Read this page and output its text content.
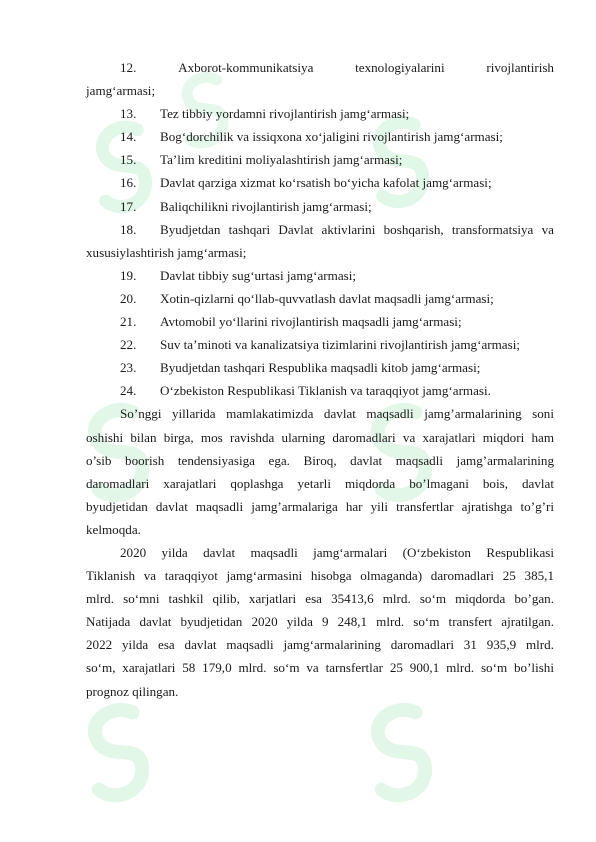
12.	Axborot-kommunikatsiya	texnologiyalarini	rivojlantirish
jamg‘armasi;
13.	Tez tibbiy yordamni rivojlantirish jamg‘armasi;
14.	Bog‘dorchilik va issiqxona xo‘jaligini rivojlantirish jamg‘armasi;
15.	Ta’lim kreditini moliyalashtirish jamg‘armasi;
16.	Davlat qarziga xizmat ko‘rsatish bo‘yicha kafolat jamg‘armasi;
17.	Baliqchilikni rivojlantirish jamg‘armasi;
18.	Byudjetdan tashqari Davlat aktivlarini boshqarish, transformatsiya va
xususiylashtirish jamg‘armasi;
19.	Davlat tibbiy sug‘urtasi jamg‘armasi;
20.	Xotin-qizlarni qo‘llab-quvvatlash davlat maqsadli jamg‘armasi;
21.	Avtomobil yo‘llarini rivojlantirish maqsadli jamg‘armasi;
22.	Suv ta’minoti va kanalizatsiya tizimlarini rivojlantirish jamg‘armasi;
23.	Byudjetdan tashqari Respublika maqsadli kitob jamg‘armasi;
24.	O‘zbekiston Respublikasi Tiklanish va taraqqiyot jamg‘armasi.
So’nggi yillarida mamlakatimizda davlat maqsadli jamg’armalarining soni
oshishi bilan birga, mos ravishda ularning daromadlari va xarajatlari miqdori ham
o’sib boorish tendensiyasiga ega. Biroq, davlat maqsadli jamg’armalarining
daromadlari xarajatlari qoplashga yetarli miqdorda bo’lmagani bois, davlat
byudjetidan davlat maqsadli jamg’armalariga har yili transfertlar ajratishga to’g’ri
kelmoqda.
2020 yilda davlat maqsadli jamg‘armalari (O‘zbekiston Respublikasi
Tiklanish va taraqqiyot jamg‘armasini hisobga olmaganda) daromadlari 25 385,1
mlrd. so‘mni tashkil qilib, xarjatlari esa 35413,6 mlrd. so‘m miqdorda bo’gan.
Natijada davlat byudjetidan 2020 yilda 9 248,1 mlrd. so‘m transfert ajratilgan.
2022 yilda esa davlat maqsadli jamg‘armalarining daromadlari 31 935,9 mlrd.
so‘m, xarajatlari 58 179,0 mlrd. so‘m va tarnsfertlar 25 900,1 mlrd. so‘m bo’lishi
prognoz qilingan.
